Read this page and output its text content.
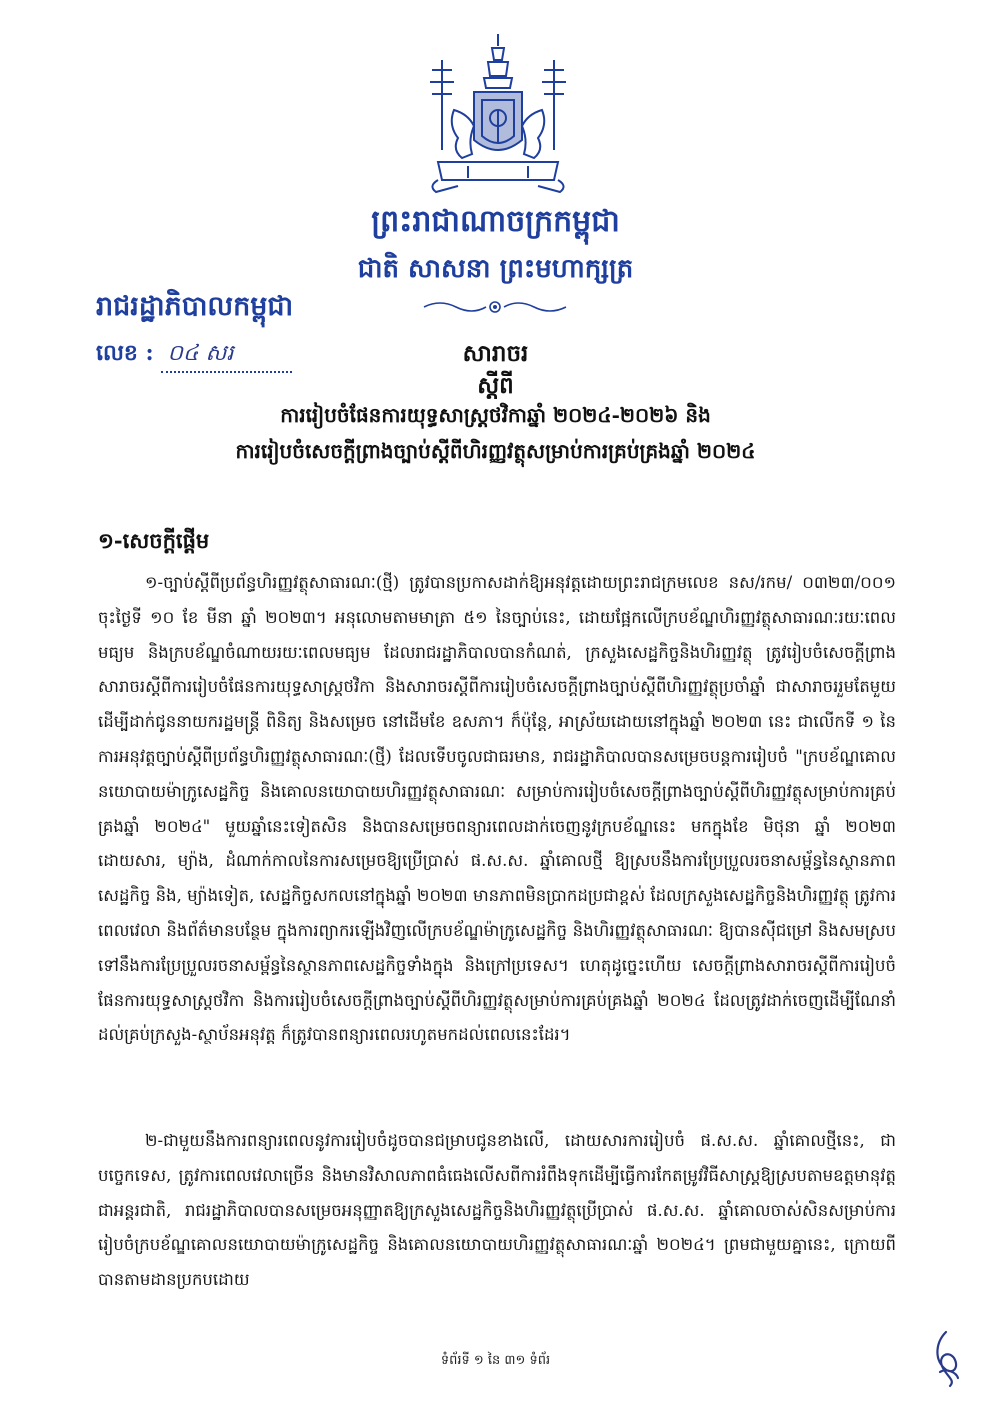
ព្រះរាជាណាចក្រកម្ពុជា
ជាតិ សាសនា ព្រះមហាក្សត្រ
រាជរដ្ឋាភិបាលកម្ពុជា
លេខ : ០៤ សរ	សារាចរ
ស្តីពី
ការរៀបចំផែនការយុទ្ធសាស្ត្រថវិកាឆ្នាំ ២០២៤-២០២៦ និង
ការរៀបចំសេចក្តីព្រាងច្បាប់ស្តីពីហិរញ្ញវត្ថុសម្រាប់ការគ្រប់គ្រងឆ្នាំ ២០២៤
១-សេចក្តីផ្តើម
១-ច្បាប់ស្តីពីប្រព័ន្ធហិរញ្ញវត្ថុសាធារណៈ(ថ្មី) ត្រូវបានប្រកាសដាក់ឱ្យអនុវត្តដោយព្រះរាជក្រមលេខ នស/រកម/ ០៣២៣/០០១ ចុះថ្ងៃទី ១០ ខែ មីនា ឆ្នាំ ២០២៣។ អនុលោមតាមមាត្រា ៥១ នៃច្បាប់នេះ, ដោយផ្អែកលើក្របខ័ណ្ឌហិរញ្ញវត្ថុសាធារណៈរយៈពេលមធ្យម និងក្របខ័ណ្ឌចំណាយរយៈពេលមធ្យម ដែលរាជរដ្ឋាភិបាលបានកំណត់, ក្រសួងសេដ្ឋកិច្ចនិងហិរញ្ញវត្ថុ ត្រូវរៀបចំសេចក្តីព្រាងសារាចរស្តីពីការរៀបចំផែនការយុទ្ធសាស្ត្រថវិកា និងសារាចរស្តីពីការរៀបចំសេចក្តីព្រាងច្បាប់ស្តីពីហិរញ្ញវត្ថុប្រចាំឆ្នាំ ជាសារាចររួមតែមួយ ដើម្បីដាក់ជូននាយករដ្ឋមន្ត្រី ពិនិត្យ និងសម្រេច នៅដើមខែ ឧសភា។ ក៏ប៉ុន្តែ, អាស្រ័យដោយនៅក្នុងឆ្នាំ ២០២៣ នេះ ជាលើកទី ១ នៃការអនុវត្តច្បាប់ស្តីពីប្រព័ន្ធហិរញ្ញវត្ថុសាធារណៈ(ថ្មី) ដែលទើបចូលជាធរមាន, រាជរដ្ឋាភិបាលបានសម្រេចបន្តការរៀបចំ "ក្របខ័ណ្ឌគោលនយោបាយម៉ាក្រូសេដ្ឋកិច្ច និងគោលនយោបាយហិរញ្ញវត្ថុសាធារណៈ សម្រាប់ការរៀបចំសេចក្តីព្រាងច្បាប់ស្តីពីហិរញ្ញវត្ថុសម្រាប់ការគ្រប់គ្រងឆ្នាំ ២០២៤" មួយឆ្នាំនេះទៀតសិន និងបានសម្រេចពន្យារពេលដាក់ចេញនូវក្របខ័ណ្ឌនេះ មកក្នុងខែ មិថុនា ឆ្នាំ ២០២៣ ដោយសារ, ម្យ៉ាង, ដំណាក់កាលនៃការសម្រេចឱ្យប្រើប្រាស់ ផ.ស.ស. ឆ្នាំគោលថ្មី ឱ្យស្របនឹងការប្រែប្រួលរចនាសម្ព័ន្ធនៃស្ថានភាពសេដ្ឋកិច្ច និង, ម្យ៉ាងទៀត, សេដ្ឋកិច្ចសកលនៅក្នុងឆ្នាំ ២០២៣ មានភាពមិនប្រាកដប្រជាខ្ពស់ ដែលក្រសួងសេដ្ឋកិច្ចនិងហិរញ្ញវត្ថុ ត្រូវការពេលវេលា និងព័ត៌មានបន្ថែម ក្នុងការព្យាករឡើងវិញលើក្របខ័ណ្ឌម៉ាក្រូសេដ្ឋកិច្ច និងហិរញ្ញវត្ថុសាធារណៈ ឱ្យបានសុីជម្រៅ និងសមស្របទៅនឹងការប្រែប្រួលរចនាសម្ព័ន្ធនៃស្ថានភាពសេដ្ឋកិច្ចទាំងក្នុង និងក្រៅប្រទេស។ ហេតុដូច្នេះហើយ សេចក្តីព្រាងសារាចរស្តីពីការរៀបចំផែនការយុទ្ធសាស្ត្រថវិកា និងការរៀបចំសេចក្តីព្រាងច្បាប់ស្តីពីហិរញ្ញវត្ថុសម្រាប់ការគ្រប់គ្រងឆ្នាំ ២០២៤ ដែលត្រូវដាក់ចេញដើម្បីណែនាំដល់គ្រប់ក្រសួង-ស្ថាប័នអនុវត្ត ក៏ត្រូវបានពន្យារពេលរហូតមកដល់ពេលនេះដែរ។
២-ជាមួយនឹងការពន្យារពេលនូវការរៀបចំដូចបានជម្រាបជូនខាងលើ, ដោយសារការរៀបចំ ផ.ស.ស. ឆ្នាំគោលថ្មីនេះ, ជាបច្ចេកទេស, ត្រូវការពេលវេលាច្រើន និងមានវិសាលភាពធំធេងលើសពីការរំពឹងទុកដើម្បីធ្វើការកែតម្រូវវិធីសាស្ត្រឱ្យស្របតាមឧត្តមានុវត្តជាអន្តរជាតិ, រាជរដ្ឋាភិបាលបានសម្រេចអនុញ្ញាតឱ្យក្រសួងសេដ្ឋកិច្ចនិងហិរញ្ញវត្ថុប្រើប្រាស់ ផ.ស.ស. ឆ្នាំគោលចាស់សិនសម្រាប់ការរៀបចំក្របខ័ណ្ឌគោលនយោបាយម៉ាក្រូសេដ្ឋកិច្ច និងគោលនយោបាយហិរញ្ញវត្ថុសាធារណៈឆ្នាំ ២០២៤។ ព្រមជាមួយគ្នានេះ, ក្រោយពីបានតាមដានប្រកបដោយ
ទំព័រទី ១ នៃ ៣១ ទំព័រ
